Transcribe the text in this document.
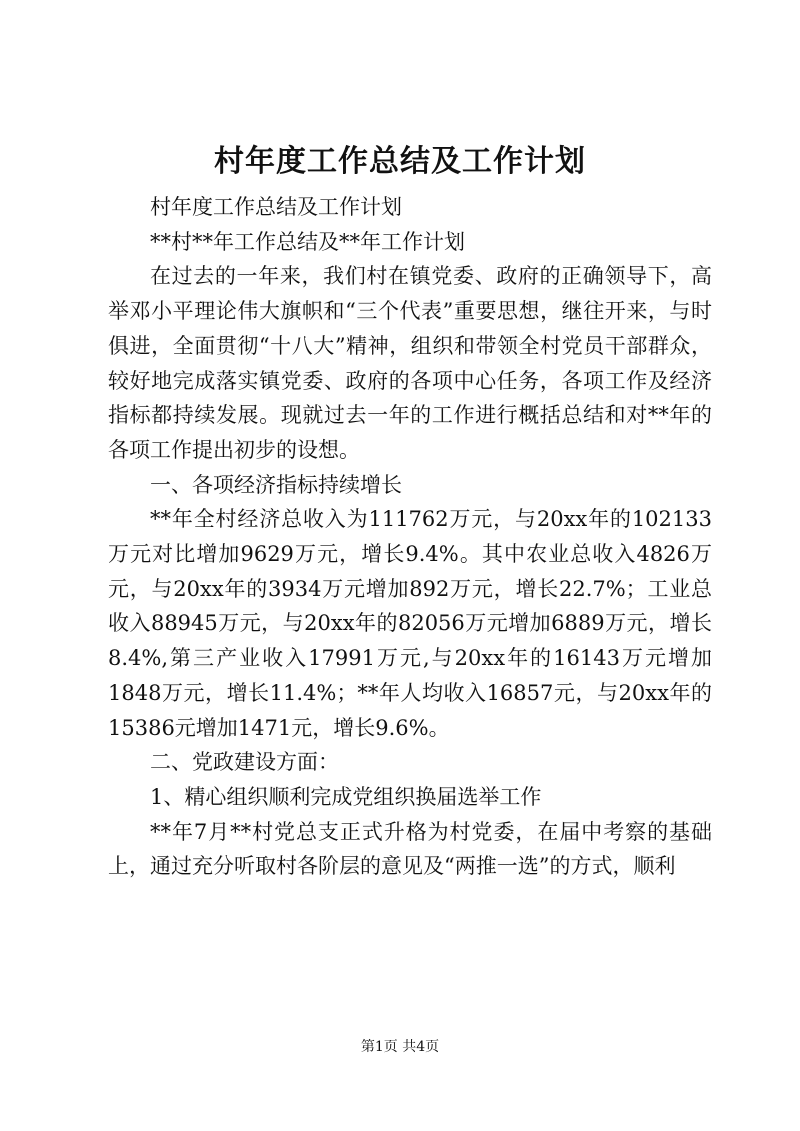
村年度工作总结及工作计划

村年度工作总结及工作计划

**村**年工作总结及**年工作计划

在过去的一年来，我们村在镇党委、政府的正确领导下，高举邓小平理论伟大旗帜和“三个代表”重要思想，继往开来，与时俱进，全面贯彻“十八大”精神，组织和带领全村党员干部群众，较好地完成落实镇党委、政府的各项中心任务，各项工作及经济指标都持续发展。现就过去一年的工作进行概括总结和对**年的各项工作提出初步的设想。

一、各项经济指标持续增长

**年全村经济总收入为111762万元，与20xx年的102133万元对比增加9629万元，增长9.4%。其中农业总收入4826万元，与20xx年的3934万元增加892万元，增长22.7%；工业总收入88945万元，与20xx年的82056万元增加6889万元，增长8.4%,第三产业收入17991万元,与20xx年的16143万元增加1848万元，增长11.4%；**年人均收入16857元，与20xx年的15386元增加1471元，增长9.6%。

二、党政建设方面：

1、精心组织顺利完成党组织换届选举工作

**年7月**村党总支正式升格为村党委，在届中考察的基础上，通过充分听取村各阶层的意见及“两推一选”的方式，顺利

第1页 共4页
